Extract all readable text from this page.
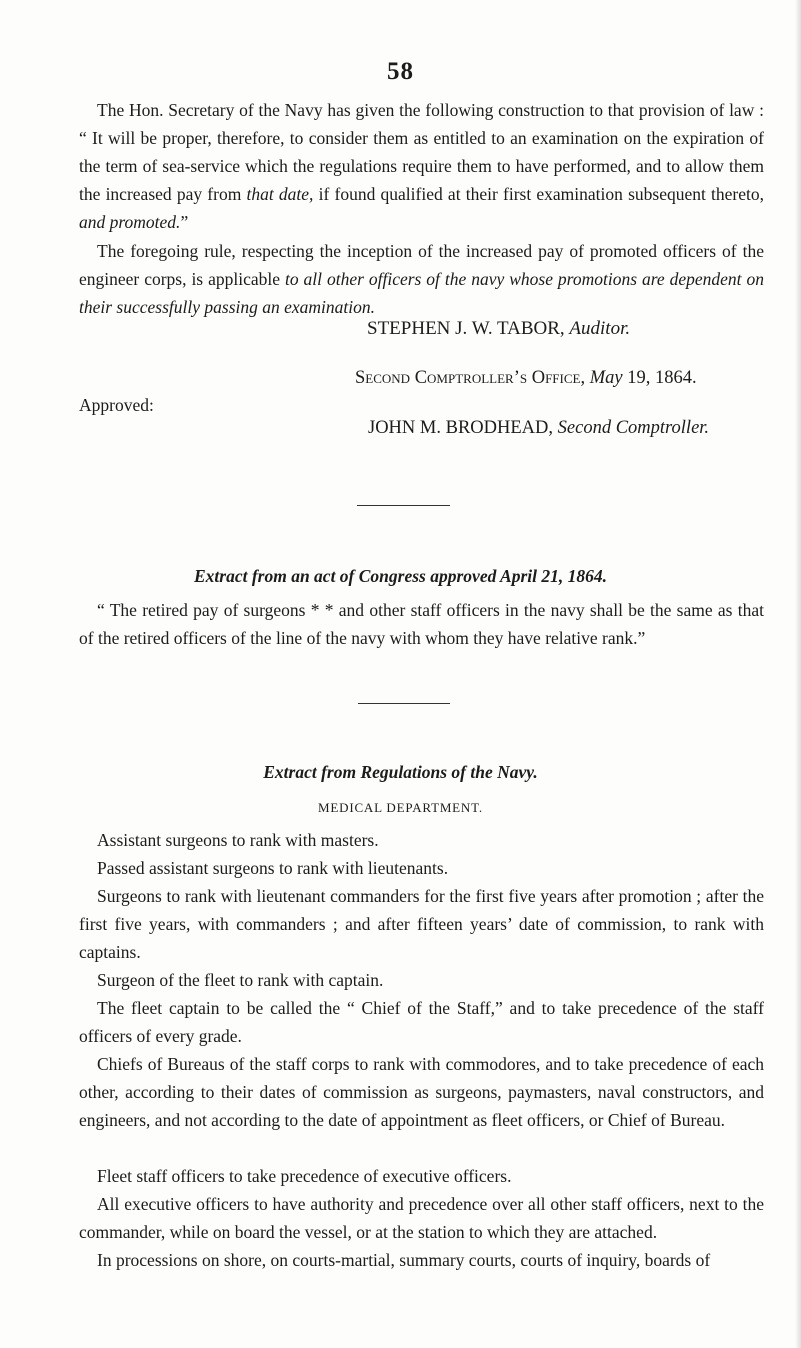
58

The Hon. Secretary of the Navy has given the following construction to that provision of law : “ It will be proper, therefore, to consider them as entitled to an examination on the expiration of the term of sea-service which the regulations require them to have performed, and to allow them the increased pay from that date, if found qualified at their first examination subsequent thereto, and promoted.”

The foregoing rule, respecting the inception of the increased pay of promoted officers of the engineer corps, is applicable to all other officers of the navy whose promotions are dependent on their successfully passing an examination.

STEPHEN J. W. TABOR, Auditor.
Second Comptroller’s Office, May 19, 1864.
Approved:
JOHN M. BRODHEAD, Second Comptroller.
Extract from an act of Congress approved April 21, 1864.

“ The retired pay of surgeons * * and other staff officers in the navy shall be the same as that of the retired officers of the line of the navy with whom they have relative rank.”

Extract from Regulations of the Navy.
MEDICAL DEPARTMENT.

Assistant surgeons to rank with masters.

Passed assistant surgeons to rank with lieutenants.

Surgeons to rank with lieutenant commanders for the first five years after promotion ; after the first five years, with commanders ; and after fifteen years’ date of commission, to rank with captains.

Surgeon of the fleet to rank with captain.

The fleet captain to be called the “ Chief of the Staff,” and to take precedence of the staff officers of every grade.

Chiefs of Bureaus of the staff corps to rank with commodores, and to take precedence of each other, according to their dates of commission as surgeons, paymasters, naval constructors, and engineers, and not according to the date of appointment as fleet officers, or Chief of Bureau.

Fleet staff officers to take precedence of executive officers.

All executive officers to have authority and precedence over all other staff officers, next to the commander, while on board the vessel, or at the station to which they are attached.

In processions on shore, on courts-martial, summary courts, courts of inquiry, boards of
